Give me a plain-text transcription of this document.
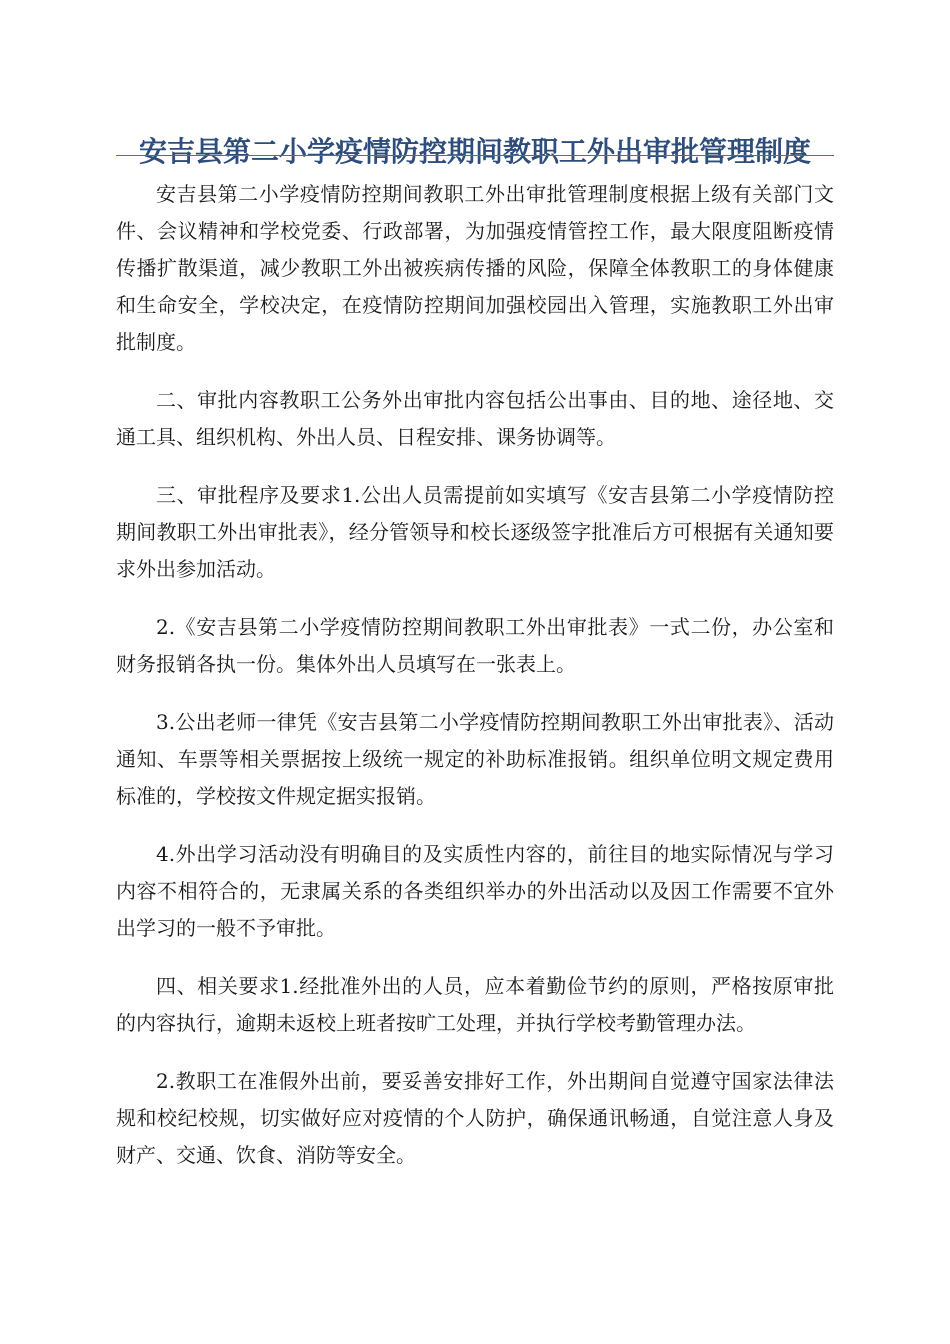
安吉县第二小学疫情防控期间教职工外出审批管理制度

安吉县第二小学疫情防控期间教职工外出审批管理制度根据上级有关部门文件、会议精神和学校党委、行政部署，为加强疫情管控工作，最大限度阻断疫情传播扩散渠道，减少教职工外出被疾病传播的风险，保障全体教职工的身体健康和生命安全，学校决定，在疫情防控期间加强校园出入管理，实施教职工外出审批制度。

二、审批内容教职工公务外出审批内容包括公出事由、目的地、途径地、交通工具、组织机构、外出人员、日程安排、课务协调等。

三、审批程序及要求1.公出人员需提前如实填写《安吉县第二小学疫情防控期间教职工外出审批表》，经分管领导和校长逐级签字批准后方可根据有关通知要求外出参加活动。

2.《安吉县第二小学疫情防控期间教职工外出审批表》一式二份，办公室和财务报销各执一份。集体外出人员填写在一张表上。

3.公出老师一律凭《安吉县第二小学疫情防控期间教职工外出审批表》、活动通知、车票等相关票据按上级统一规定的补助标准报销。组织单位明文规定费用标准的，学校按文件规定据实报销。

4.外出学习活动没有明确目的及实质性内容的，前往目的地实际情况与学习内容不相符合的，无隶属关系的各类组织举办的外出活动以及因工作需要不宜外出学习的一般不予审批。

四、相关要求1.经批准外出的人员，应本着勤俭节约的原则，严格按原审批的内容执行，逾期未返校上班者按旷工处理，并执行学校考勤管理办法。

2.教职工在准假外出前，要妥善安排好工作，外出期间自觉遵守国家法律法规和校纪校规，切实做好应对疫情的个人防护，确保通讯畅通，自觉注意人身及财产、交通、饮食、消防等安全。
